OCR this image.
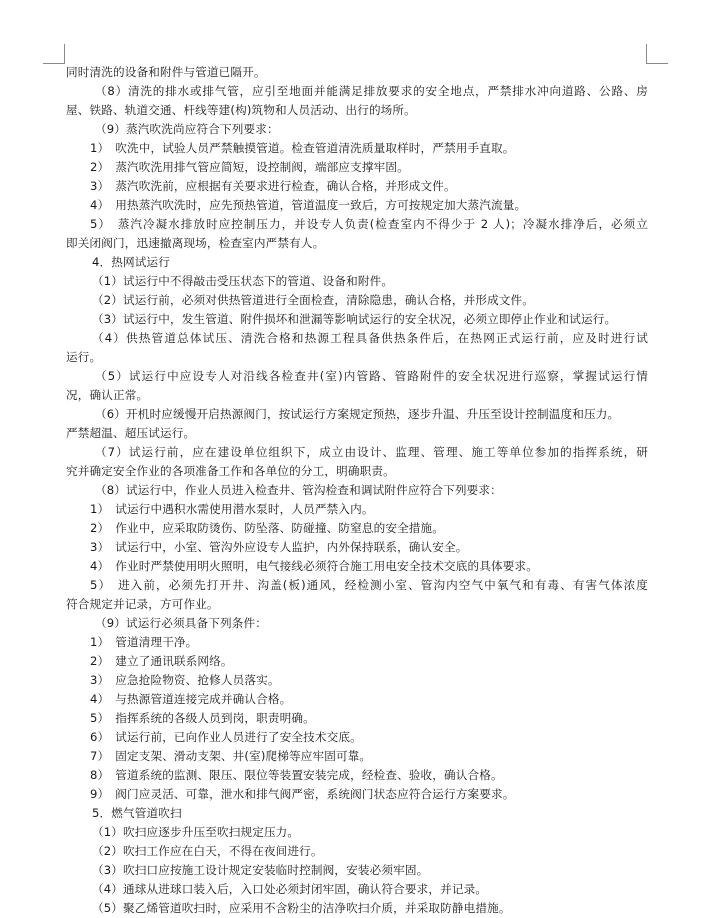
同时清洗的设备和附件与管道已隔开。
（8）清洗的排水或排气管，应引至地面并能满足排放要求的安全地点，严禁排水冲向道路、公路、房
屋、铁路、轨道交通、杆线等建(构)筑物和人员活动、出行的场所。
（9）蒸汽吹洗尚应符合下列要求：
1）　吹洗中，试验人员严禁触摸管道。检查管道清洗质量取样时，严禁用手直取。
2）　蒸汽吹洗用排气管应简短，设控制阀，端部应支撑牢固。
3）　蒸汽吹洗前，应根据有关要求进行检查，确认合格，并形成文件。
4）　用热蒸汽吹洗时，应先预热管道，管道温度一致后，方可按规定加大蒸汽流量。
5）　蒸汽冷凝水排放时应控制压力，并设专人负责(检查室内不得少于 2 人)；冷凝水排净后，必须立
即关闭阀门，迅速撤离现场，检查室内严禁有人。
4．热网试运行
（1）试运行中不得敲击受压状态下的管道、设备和附件。
（2）试运行前，必须对供热管道进行全面检查，清除隐患，确认合格，并形成文件。
（3）试运行中，发生管道、附件损坏和泄漏等影响试运行的安全状况，必须立即停止作业和试运行。
（4）供热管道总体试压、清洗合格和热源工程具备供热条件后，在热网正式运行前，应及时进行试
运行。
（5）试运行中应设专人对沿线各检查井(室)内管路、管路附件的安全状况进行巡察，掌握试运行情
况，确认正常。
（6）开机时应缓慢开启热源阀门，按试运行方案规定预热，逐步升温、升压至设计控制温度和压力。
严禁超温、超压试运行。
（7）试运行前，应在建设单位组织下，成立由设计、监理、管理、施工等单位参加的指挥系统，研
究并确定安全作业的各项准备工作和各单位的分工，明确职责。
（8）试运行中，作业人员进入检查井、管沟检查和调试附件应符合下列要求：
1）　试运行中遇积水需使用潜水泵时，人员严禁入内。
2）　作业中，应采取防烫伤、防坠落、防碰撞、防窒息的安全措施。
3）　试运行中，小室、管沟外应设专人监护，内外保持联系，确认安全。
4）　作业时严禁使用明火照明，电气接线必须符合施工用电安全技术交底的具体要求。
5）　进入前，必须先打开井、沟盖(板)通风，经检测小室、管沟内空气中氧气和有毒、有害气体浓度
符合规定并记录，方可作业。
（9）试运行必须具备下列条件：
1）　管道清理干净。
2）　建立了通讯联系网络。
3）　应急抢险物资、抢修人员落实。
4）　与热源管道连接完成并确认合格。
5）　指挥系统的各级人员到岗，职责明确。
6）　试运行前，已向作业人员进行了安全技术交底。
7）　固定支架、滑动支架、井(室)爬梯等应牢固可靠。
8）　管道系统的监测、限压、限位等装置安装完成，经检查、验收，确认合格。
9）　阀门应灵活、可靠，泄水和排气阀严密，系统阀门状态应符合运行方案要求。
5．燃气管道吹扫
（1）吹扫应逐步升压至吹扫规定压力。
（2）吹扫工作应在白天，不得在夜间进行。
（3）吹扫口应按施工设计规定安装临时控制阀，安装必须牢固。
（4）通球从进球口装入后，入口处必须封闭牢固，确认符合要求，并记录。
（5）聚乙烯管道吹扫时，应采用不含粉尘的洁净吹扫介质，并采取防静电措施。
